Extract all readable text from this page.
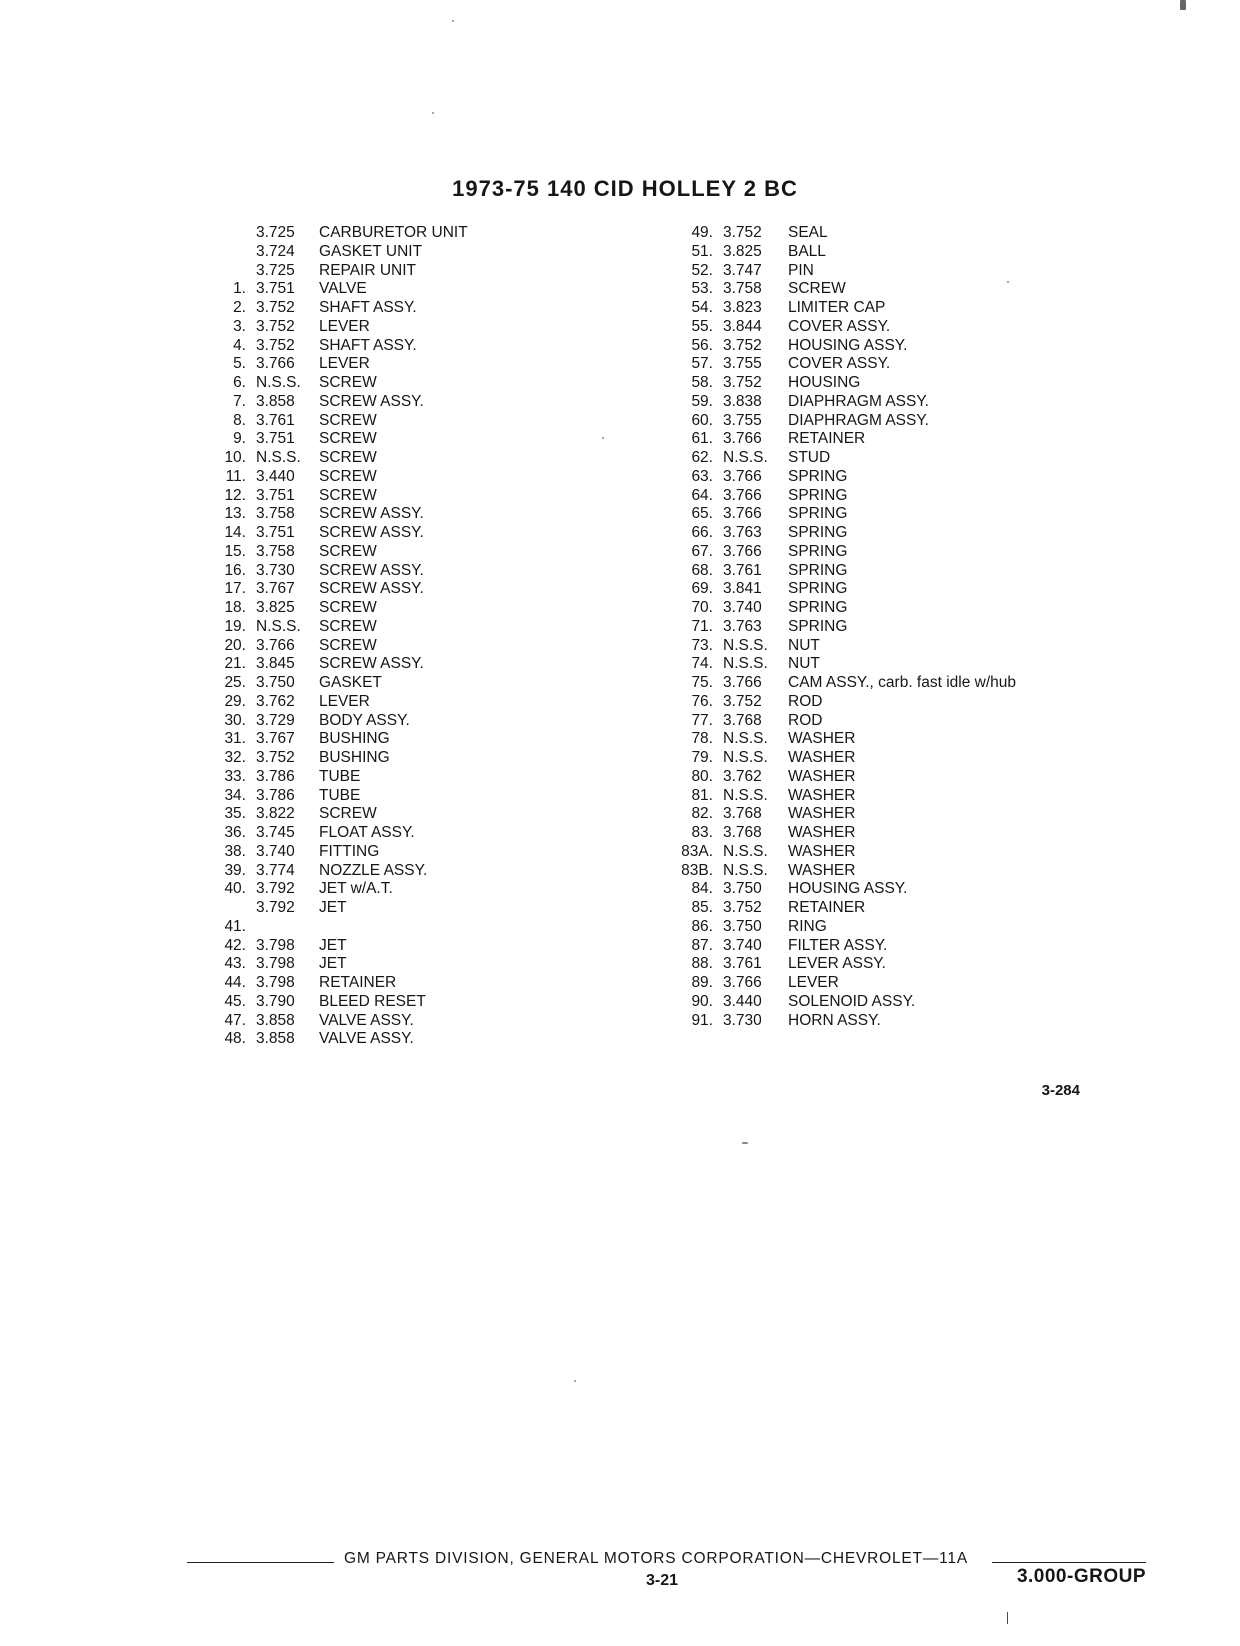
1973-75 140 CID HOLLEY 2 BC
3.725 CARBURETOR UNIT
3.724 GASKET UNIT
3.725 REPAIR UNIT
1. 3.751 VALVE
2. 3.752 SHAFT ASSY.
3. 3.752 LEVER
4. 3.752 SHAFT ASSY.
5. 3.766 LEVER
6. N.S.S. SCREW
7. 3.858 SCREW ASSY.
8. 3.761 SCREW
9. 3.751 SCREW
10. N.S.S. SCREW
11. 3.440 SCREW
12. 3.751 SCREW
13. 3.758 SCREW ASSY.
14. 3.751 SCREW ASSY.
15. 3.758 SCREW
16. 3.730 SCREW ASSY.
17. 3.767 SCREW ASSY.
18. 3.825 SCREW
19. N.S.S. SCREW
20. 3.766 SCREW
21. 3.845 SCREW ASSY.
25. 3.750 GASKET
29. 3.762 LEVER
30. 3.729 BODY ASSY.
31. 3.767 BUSHING
32. 3.752 BUSHING
33. 3.786 TUBE
34. 3.786 TUBE
35. 3.822 SCREW
36. 3.745 FLOAT ASSY.
38. 3.740 FITTING
39. 3.774 NOZZLE ASSY.
40. 3.792 JET w/A.T.
3.792 JET
41.
42. 3.798 JET
43. 3.798 JET
44. 3.798 RETAINER
45. 3.790 BLEED RESET
47. 3.858 VALVE ASSY.
48. 3.858 VALVE ASSY.
49. 3.752 SEAL
51. 3.825 BALL
52. 3.747 PIN
53. 3.758 SCREW
54. 3.823 LIMITER CAP
55. 3.844 COVER ASSY.
56. 3.752 HOUSING ASSY.
57. 3.755 COVER ASSY.
58. 3.752 HOUSING
59. 3.838 DIAPHRAGM ASSY.
60. 3.755 DIAPHRAGM ASSY.
61. 3.766 RETAINER
62. N.S.S. STUD
63. 3.766 SPRING
64. 3.766 SPRING
65. 3.766 SPRING
66. 3.763 SPRING
67. 3.766 SPRING
68. 3.761 SPRING
69. 3.841 SPRING
70. 3.740 SPRING
71. 3.763 SPRING
73. N.S.S. NUT
74. N.S.S. NUT
75. 3.766 CAM ASSY., carb. fast idle w/hub
76. 3.752 ROD
77. 3.768 ROD
78. N.S.S. WASHER
79. N.S.S. WASHER
80. 3.762 WASHER
81. N.S.S. WASHER
82. 3.768 WASHER
83. 3.768 WASHER
83A. N.S.S. WASHER
83B. N.S.S. WASHER
84. 3.750 HOUSING ASSY.
85. 3.752 RETAINER
86. 3.750 RING
87. 3.740 FILTER ASSY.
88. 3.761 LEVER ASSY.
89. 3.766 LEVER
90. 3.440 SOLENOID ASSY.
91. 3.730 HORN ASSY.
3-284
GM PARTS DIVISION, GENERAL MOTORS CORPORATION—CHEVROLET—11A
3-21	3.000-GROUP
